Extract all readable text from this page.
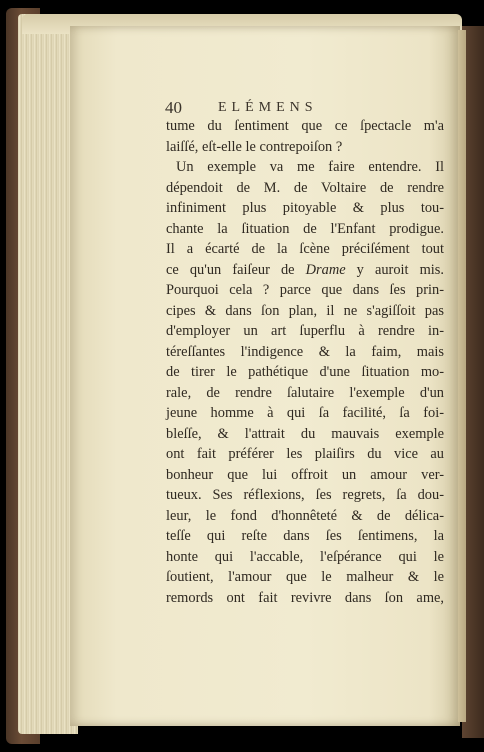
40	ELÉMENS
tume du ſentiment que ce ſpectacle m'a
laiſſé, eſt-elle le contrepoiſon ?
Un exemple va me faire entendre. Il
dépendoit de M. de Voltaire de rendre
infiniment plus pitoyable & plus tou-
chante la ſituation de l'Enfant prodigue.
Il a écarté de la ſcène préciſément tout
ce qu'un faiſeur de Drame y auroit mis.
Pourquoi cela ? parce que dans ſes prin-
cipes & dans ſon plan, il ne s'agiſſoit pas
d'employer un art ſuperflu à rendre in-
téreſſantes l'indigence & la faim, mais
de tirer le pathétique d'une ſituation mo-
rale, de rendre ſalutaire l'exemple d'un
jeune homme à qui ſa facilité, ſa foi-
bleſſe, & l'attrait du mauvais exemple
ont fait préférer les plaiſirs du vice au
bonheur que lui offroit un amour ver-
tueux. Ses réflexions, ſes regrets, ſa dou-
leur, le fond d'honnêteté & de délica-
teſſe qui reſte dans ſes ſentimens, la
honte qui l'accable, l'eſpérance qui le
ſoutient, l'amour que le malheur & le
remords ont fait revivre dans ſon ame,
